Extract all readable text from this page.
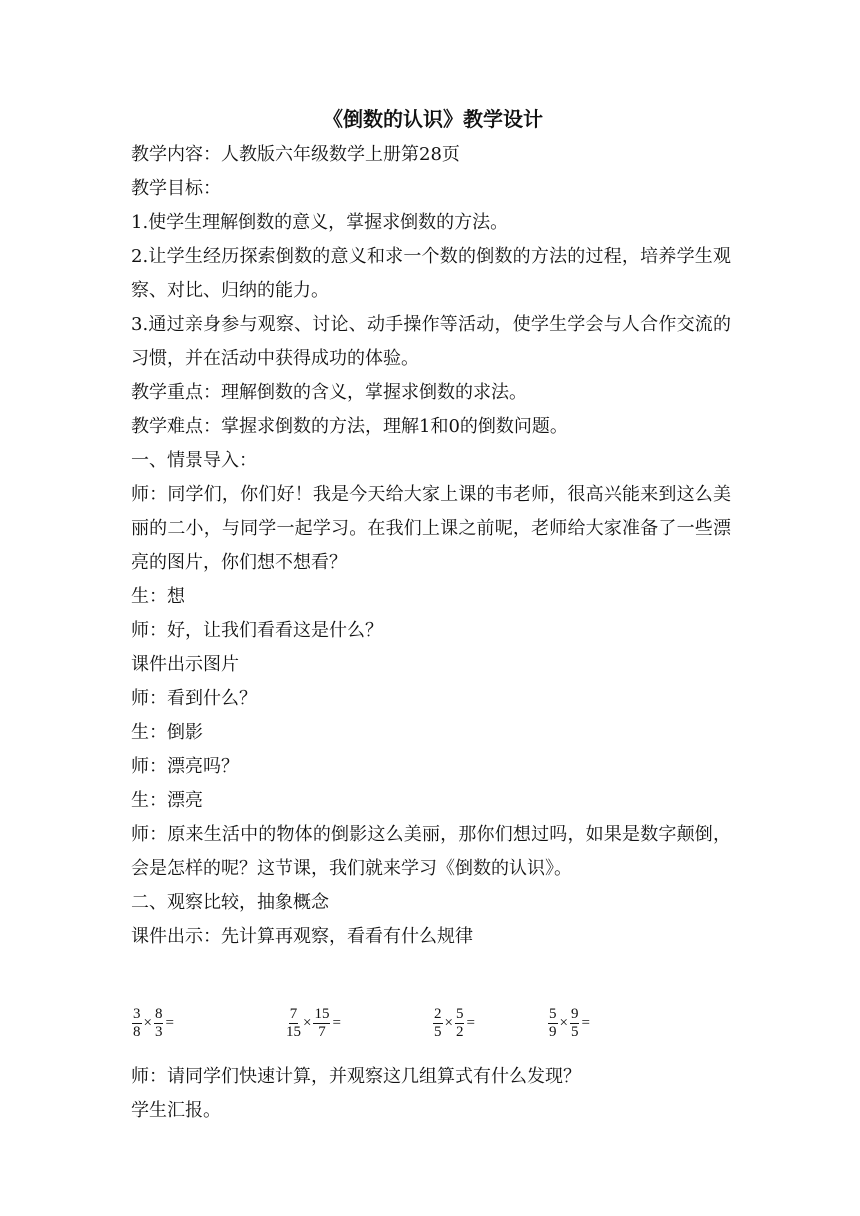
《倒数的认识》教学设计

教学内容：人教版六年级数学上册第28页

教学目标：

1.使学生理解倒数的意义，掌握求倒数的方法。

2.让学生经历探索倒数的意义和求一个数的倒数的方法的过程，培养学生观察、对比、归纳的能力。

3.通过亲身参与观察、讨论、动手操作等活动，使学生学会与人合作交流的习惯，并在活动中获得成功的体验。

教学重点：理解倒数的含义，掌握求倒数的求法。

教学难点：掌握求倒数的方法，理解1和0的倒数问题。

一、情景导入：

师：同学们，你们好！我是今天给大家上课的韦老师，很高兴能来到这么美丽的二小，与同学一起学习。在我们上课之前呢，老师给大家准备了一些漂亮的图片，你们想不想看？

生：想

师：好，让我们看看这是什么？

课件出示图片

师：看到什么？

生：倒影

师：漂亮吗？

生：漂亮

师：原来生活中的物体的倒影这么美丽，那你们想过吗，如果是数字颠倒，会是怎样的呢？这节课，我们就来学习《倒数的认识》。

二、观察比较，抽象概念

课件出示：先计算再观察，看看有什么规律

$\frac{3}{8} \times \frac{8}{3}$ =	$\frac{7}{15} \times \frac{15}{7}$ =	$\frac{2}{5} \times \frac{5}{2}$ =	$\frac{5}{9} \times \frac{9}{5}$ =

师：请同学们快速计算，并观察这几组算式有什么发现？

学生汇报。
